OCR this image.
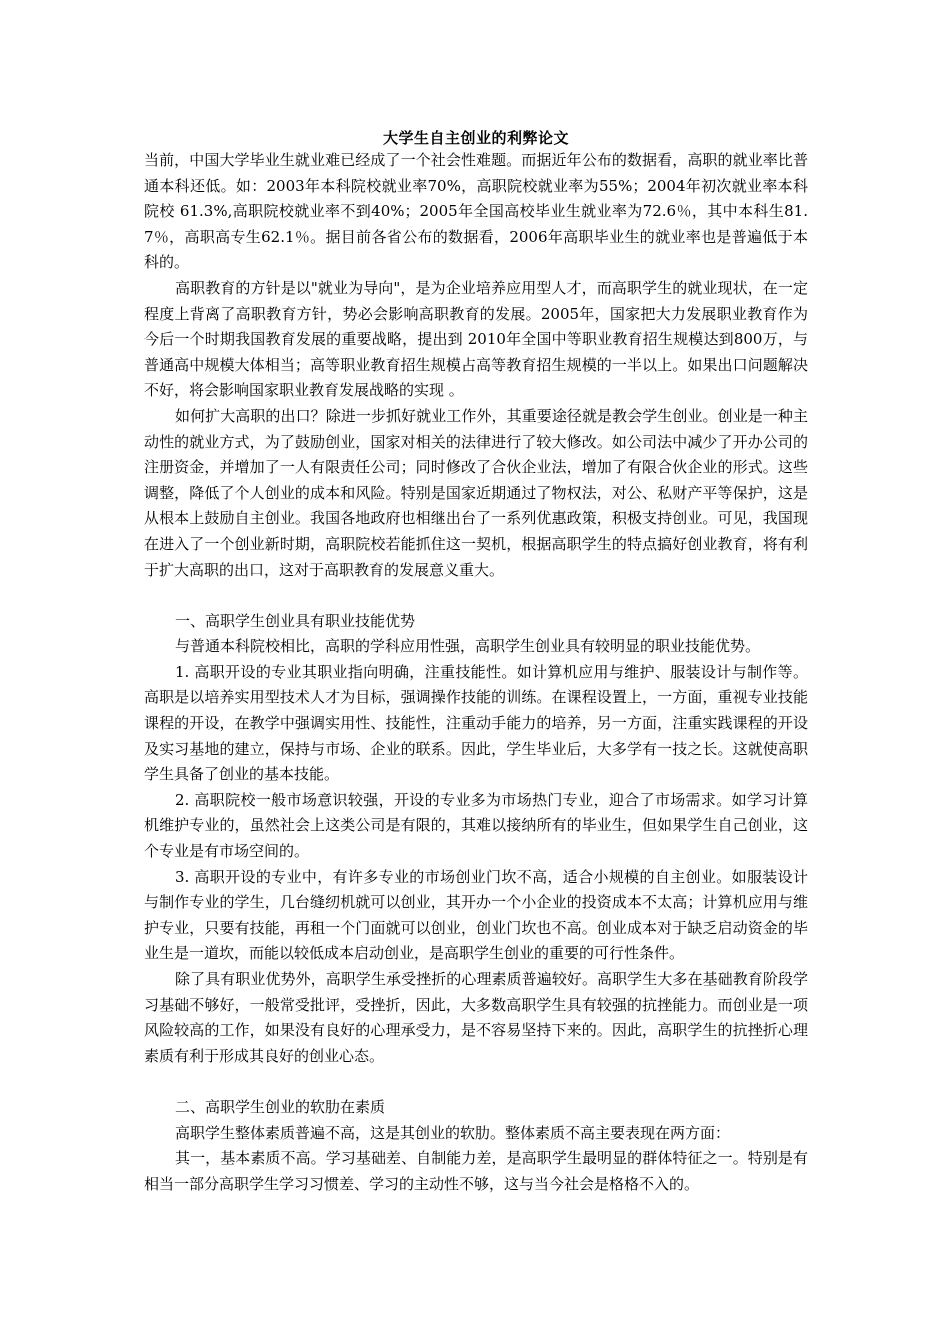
大学生自主创业的利弊论文

当前，中国大学毕业生就业难已经成了一个社会性难题。而据近年公布的数据看，高职的就业率比普通本科还低。如：2003年本科院校就业率70%，高职院校就业率为55%；2004年初次就业率本科院校 61.3%,高职院校就业率不到40%；2005年全国高校毕业生就业率为72.6％，其中本科生81.7％，高职高专生62.1％。据目前各省公布的数据看，2006年高职毕业生的就业率也是普遍低于本科的。

高职教育的方针是以"就业为导向"，是为企业培养应用型人才，而高职学生的就业现状，在一定程度上背离了高职教育方针，势必会影响高职教育的发展。2005年，国家把大力发展职业教育作为今后一个时期我国教育发展的重要战略，提出到 2010年全国中等职业教育招生规模达到800万，与普通高中规模大体相当；高等职业教育招生规模占高等教育招生规模的一半以上。如果出口问题解决不好，将会影响国家职业教育发展战略的实现 。

如何扩大高职的出口？除进一步抓好就业工作外，其重要途径就是教会学生创业。创业是一种主动性的就业方式，为了鼓励创业，国家对相关的法律进行了较大修改。如公司法中减少了开办公司的注册资金，并增加了一人有限责任公司；同时修改了合伙企业法，增加了有限合伙企业的形式。这些调整，降低了个人创业的成本和风险。特别是国家近期通过了物权法，对公、私财产平等保护，这是从根本上鼓励自主创业。我国各地政府也相继出台了一系列优惠政策，积极支持创业。可见，我国现在进入了一个创业新时期，高职院校若能抓住这一契机，根据高职学生的特点搞好创业教育，将有利于扩大高职的出口，这对于高职教育的发展意义重大。

一、高职学生创业具有职业技能优势

与普通本科院校相比，高职的学科应用性强，高职学生创业具有较明显的职业技能优势。

1. 高职开设的专业其职业指向明确，注重技能性。如计算机应用与维护、服装设计与制作等。高职是以培养实用型技术人才为目标，强调操作技能的训练。在课程设置上，一方面，重视专业技能课程的开设，在教学中强调实用性、技能性，注重动手能力的培养，另一方面，注重实践课程的开设及实习基地的建立，保持与市场、企业的联系。因此，学生毕业后，大多学有一技之长。这就使高职学生具备了创业的基本技能。

2. 高职院校一般市场意识较强，开设的专业多为市场热门专业，迎合了市场需求。如学习计算机维护专业的，虽然社会上这类公司是有限的，其难以接纳所有的毕业生，但如果学生自己创业，这个专业是有市场空间的。

3. 高职开设的专业中，有许多专业的市场创业门坎不高，适合小规模的自主创业。如服装设计与制作专业的学生，几台缝纫机就可以创业，其开办一个小企业的投资成本不太高；计算机应用与维护专业，只要有技能，再租一个门面就可以创业，创业门坎也不高。创业成本对于缺乏启动资金的毕业生是一道坎，而能以较低成本启动创业，是高职学生创业的重要的可行性条件。

除了具有职业优势外，高职学生承受挫折的心理素质普遍较好。高职学生大多在基础教育阶段学习基础不够好，一般常受批评，受挫折，因此，大多数高职学生具有较强的抗挫能力。而创业是一项风险较高的工作，如果没有良好的心理承受力，是不容易坚持下来的。因此，高职学生的抗挫折心理素质有利于形成其良好的创业心态。

二、高职学生创业的软肋在素质

高职学生整体素质普遍不高，这是其创业的软肋。整体素质不高主要表现在两方面：

其一，基本素质不高。学习基础差、自制能力差，是高职学生最明显的群体特征之一。特别是有相当一部分高职学生学习习惯差、学习的主动性不够，这与当今社会是格格不入的。
